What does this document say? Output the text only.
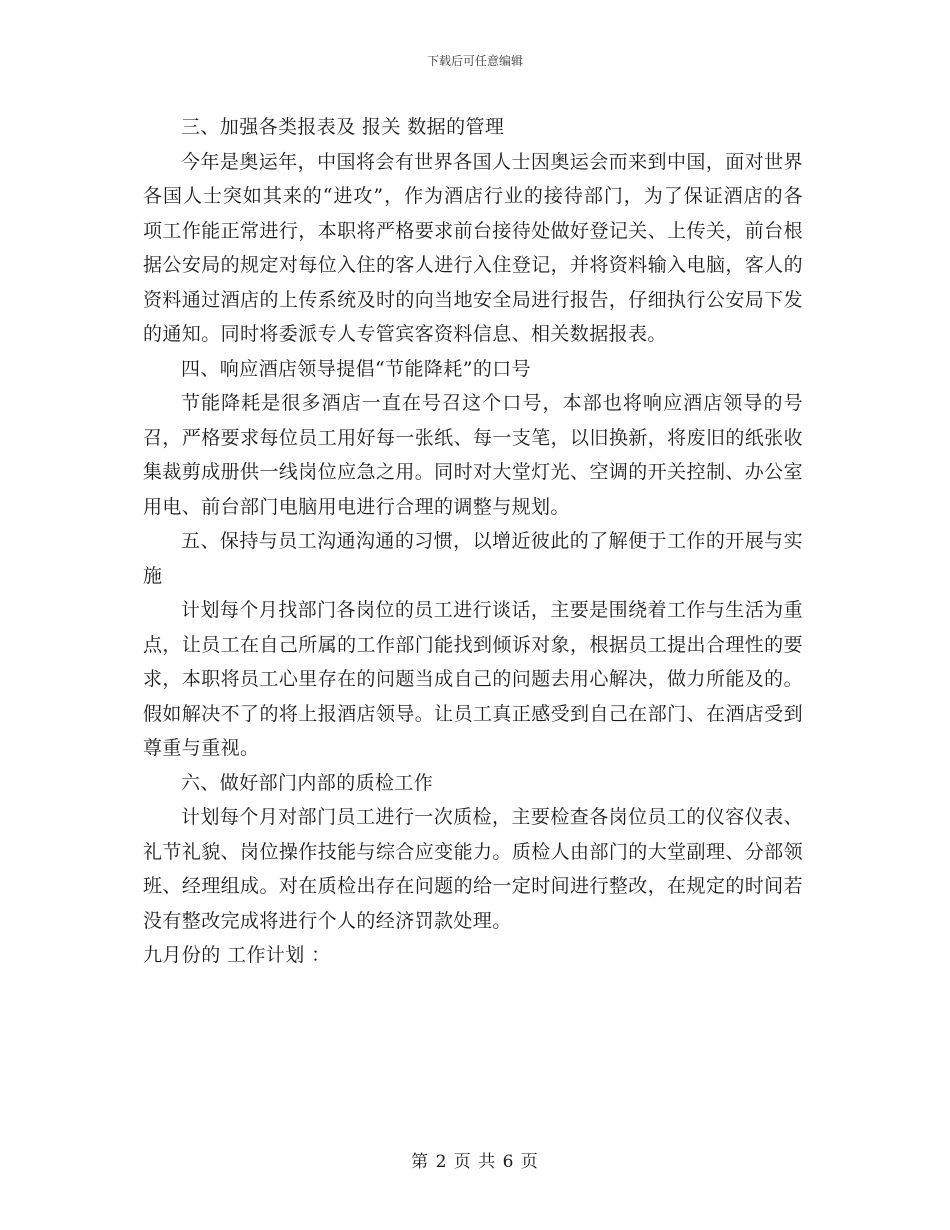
下载后可任意编辑

三、加强各类报表及 报关 数据的管理

今年是奥运年，中国将会有世界各国人士因奥运会而来到中国，面对世界各国人士突如其来的“进攻”，作为酒店行业的接待部门，为了保证酒店的各项工作能正常进行，本职将严格要求前台接待处做好登记关、上传关，前台根据公安局的规定对每位入住的客人进行入住登记，并将资料输入电脑，客人的资料通过酒店的上传系统及时的向当地安全局进行报告，仔细执行公安局下发的通知。同时将委派专人专管宾客资料信息、相关数据报表。

四、响应酒店领导提倡“节能降耗”的口号

节能降耗是很多酒店一直在号召这个口号，本部也将响应酒店领导的号召，严格要求每位员工用好每一张纸、每一支笔，以旧换新，将废旧的纸张收集裁剪成册供一线岗位应急之用。同时对大堂灯光、空调的开关控制、办公室用电、前台部门电脑用电进行合理的调整与规划。

五、保持与员工沟通沟通的习惯，以增近彼此的了解便于工作的开展与实施

计划每个月找部门各岗位的员工进行谈话，主要是围绕着工作与生活为重点，让员工在自己所属的工作部门能找到倾诉对象，根据员工提出合理性的要求，本职将员工心里存在的问题当成自己的问题去用心解决，做力所能及的。假如解决不了的将上报酒店领导。让员工真正感受到自己在部门、在酒店受到尊重与重视。

六、做好部门内部的质检工作

计划每个月对部门员工进行一次质检，主要检查各岗位员工的仪容仪表、礼节礼貌、岗位操作技能与综合应变能力。质检人由部门的大堂副理、分部领班、经理组成。对在质检出存在问题的给一定时间进行整改，在规定的时间若没有整改完成将进行个人的经济罚款处理。

九月份的 工作计划 ：

第 2 页 共 6 页
